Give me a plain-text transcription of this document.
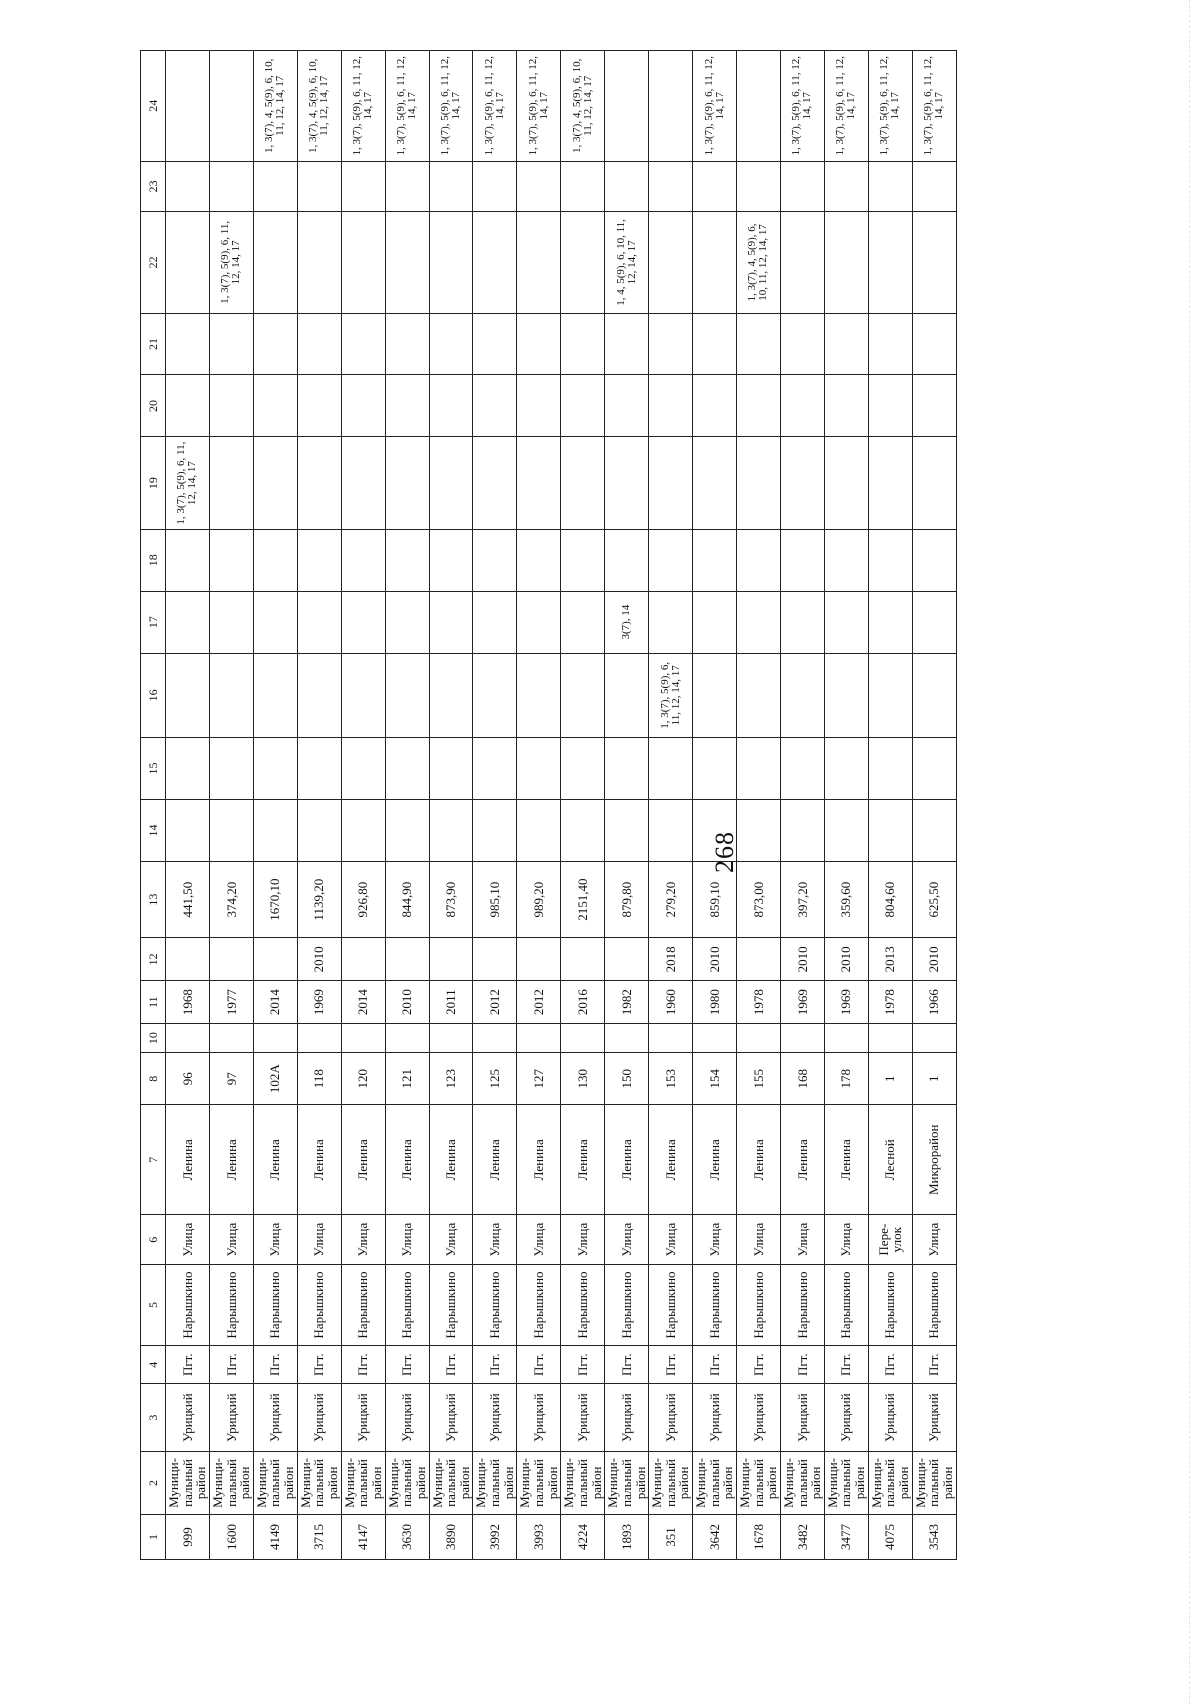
268
1	2	3	4	5	6	7	8	10	11	12	13	14	15	16	17	18	19	20	21	22	23	24
999	Муници-пальный район	Урицкий	Пгт.	Нарышкино	Улица	Ленина	96		1968		441,50						1, 3(7), 5(9), 6, 11, 12, 14, 17					
1600	Муници-пальный район	Урицкий	Пгт.	Нарышкино	Улица	Ленина	97		1977		374,20									1, 3(7), 5(9), 6, 11, 12, 14, 17		
4149	Муници-пальный район	Урицкий	Пгт.	Нарышкино	Улица	Ленина	102А		2014		1670,10											1, 3(7), 4, 5(9), 6, 10, 11, 12, 14, 17
3715	Муници-пальный район	Урицкий	Пгт.	Нарышкино	Улица	Ленина	118		1969	2010	1139,20											1, 3(7), 4, 5(9), 6, 10, 11, 12, 14, 17
4147	Муници-пальный район	Урицкий	Пгт.	Нарышкино	Улица	Ленина	120		2014		926,80											1, 3(7), 5(9), 6, 11, 12, 14, 17
3630	Муници-пальный район	Урицкий	Пгт.	Нарышкино	Улица	Ленина	121		2010		844,90											1, 3(7), 5(9), 6, 11, 12, 14, 17
3890	Муници-пальный район	Урицкий	Пгт.	Нарышкино	Улица	Ленина	123		2011		873,90											1, 3(7), 5(9), 6, 11, 12, 14, 17
3992	Муници-пальный район	Урицкий	Пгт.	Нарышкино	Улица	Ленина	125		2012		985,10											1, 3(7), 5(9), 6, 11, 12, 14, 17
3993	Муници-пальный район	Урицкий	Пгт.	Нарышкино	Улица	Ленина	127		2012		989,20											1, 3(7), 5(9), 6, 11, 12, 14, 17
4224	Муници-пальный район	Урицкий	Пгт.	Нарышкино	Улица	Ленина	130		2016		2151,40											1, 3(7), 4, 5(9), 6, 10, 11, 12, 14, 17
1893	Муници-пальный район	Урицкий	Пгт.	Нарышкино	Улица	Ленина	150		1982		879,80				3(7), 14					1, 4, 5(9), 6, 10, 11, 12, 14, 17		
351	Муници-пальный район	Урицкий	Пгт.	Нарышкино	Улица	Ленина	153		1960	2018	279,20			1, 3(7), 5(9), 6, 11, 12, 14, 17								
3642	Муници-пальный район	Урицкий	Пгт.	Нарышкино	Улица	Ленина	154		1980	2010	859,10											1, 3(7), 5(9), 6, 11, 12, 14, 17
1678	Муници-пальный район	Урицкий	Пгт.	Нарышкино	Улица	Ленина	155		1978		873,00									1, 3(7), 4, 5(9), 6, 10, 11, 12, 14, 17		
3482	Муници-пальный район	Урицкий	Пгт.	Нарышкино	Улица	Ленина	168		1969	2010	397,20											1, 3(7), 5(9), 6, 11, 12, 14, 17
3477	Муници-пальный район	Урицкий	Пгт.	Нарышкино	Улица	Ленина	178		1969	2010	359,60											1, 3(7), 5(9), 6, 11, 12, 14, 17
4075	Муници-пальный район	Урицкий	Пгт.	Нарышкино	Пере-улок	Лесной	1		1978	2013	804,60											1, 3(7), 5(9), 6, 11, 12, 14, 17
3543	Муници-пальный район	Урицкий	Пгт.	Нарышкино	Улица	Микрорайон	1		1966	2010	625,50											1, 3(7), 5(9), 6, 11, 12, 14, 17
